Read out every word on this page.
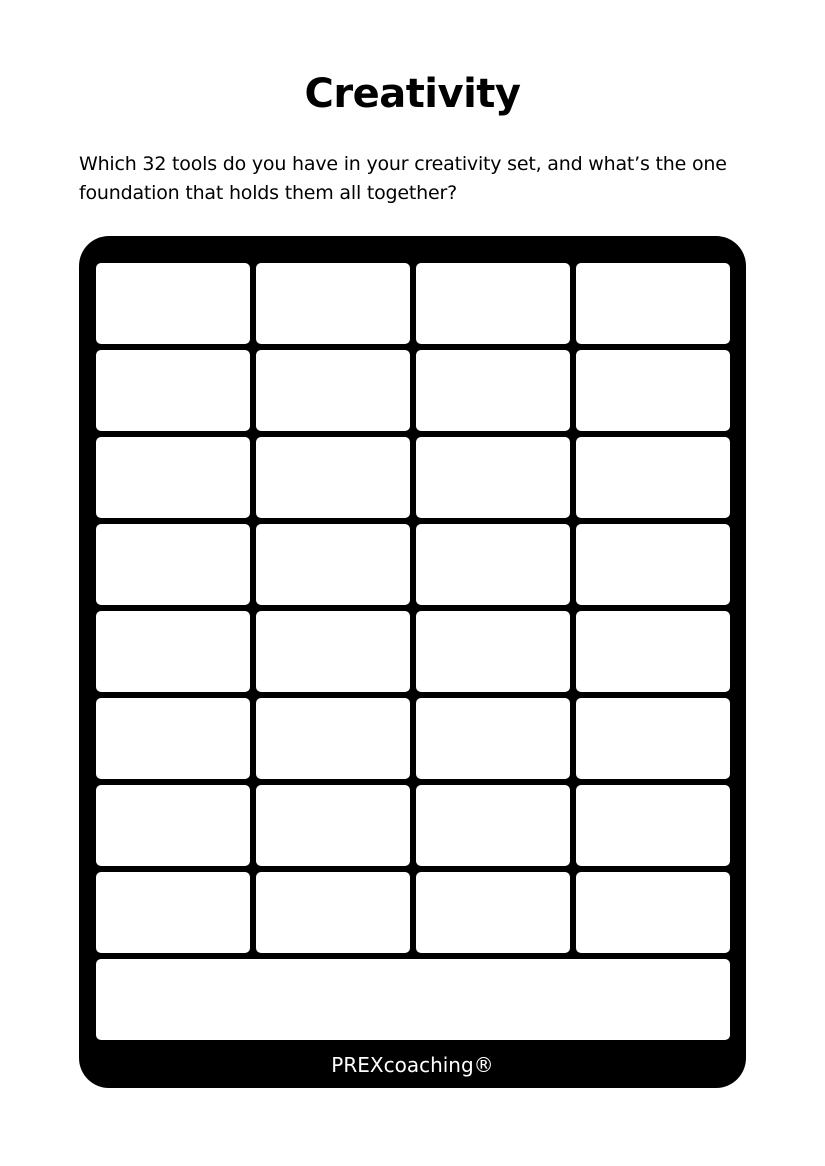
Creativity

Which 32 tools do you have in your creativity set, and what’s the one foundation that holds them all together?

PREXcoaching®
